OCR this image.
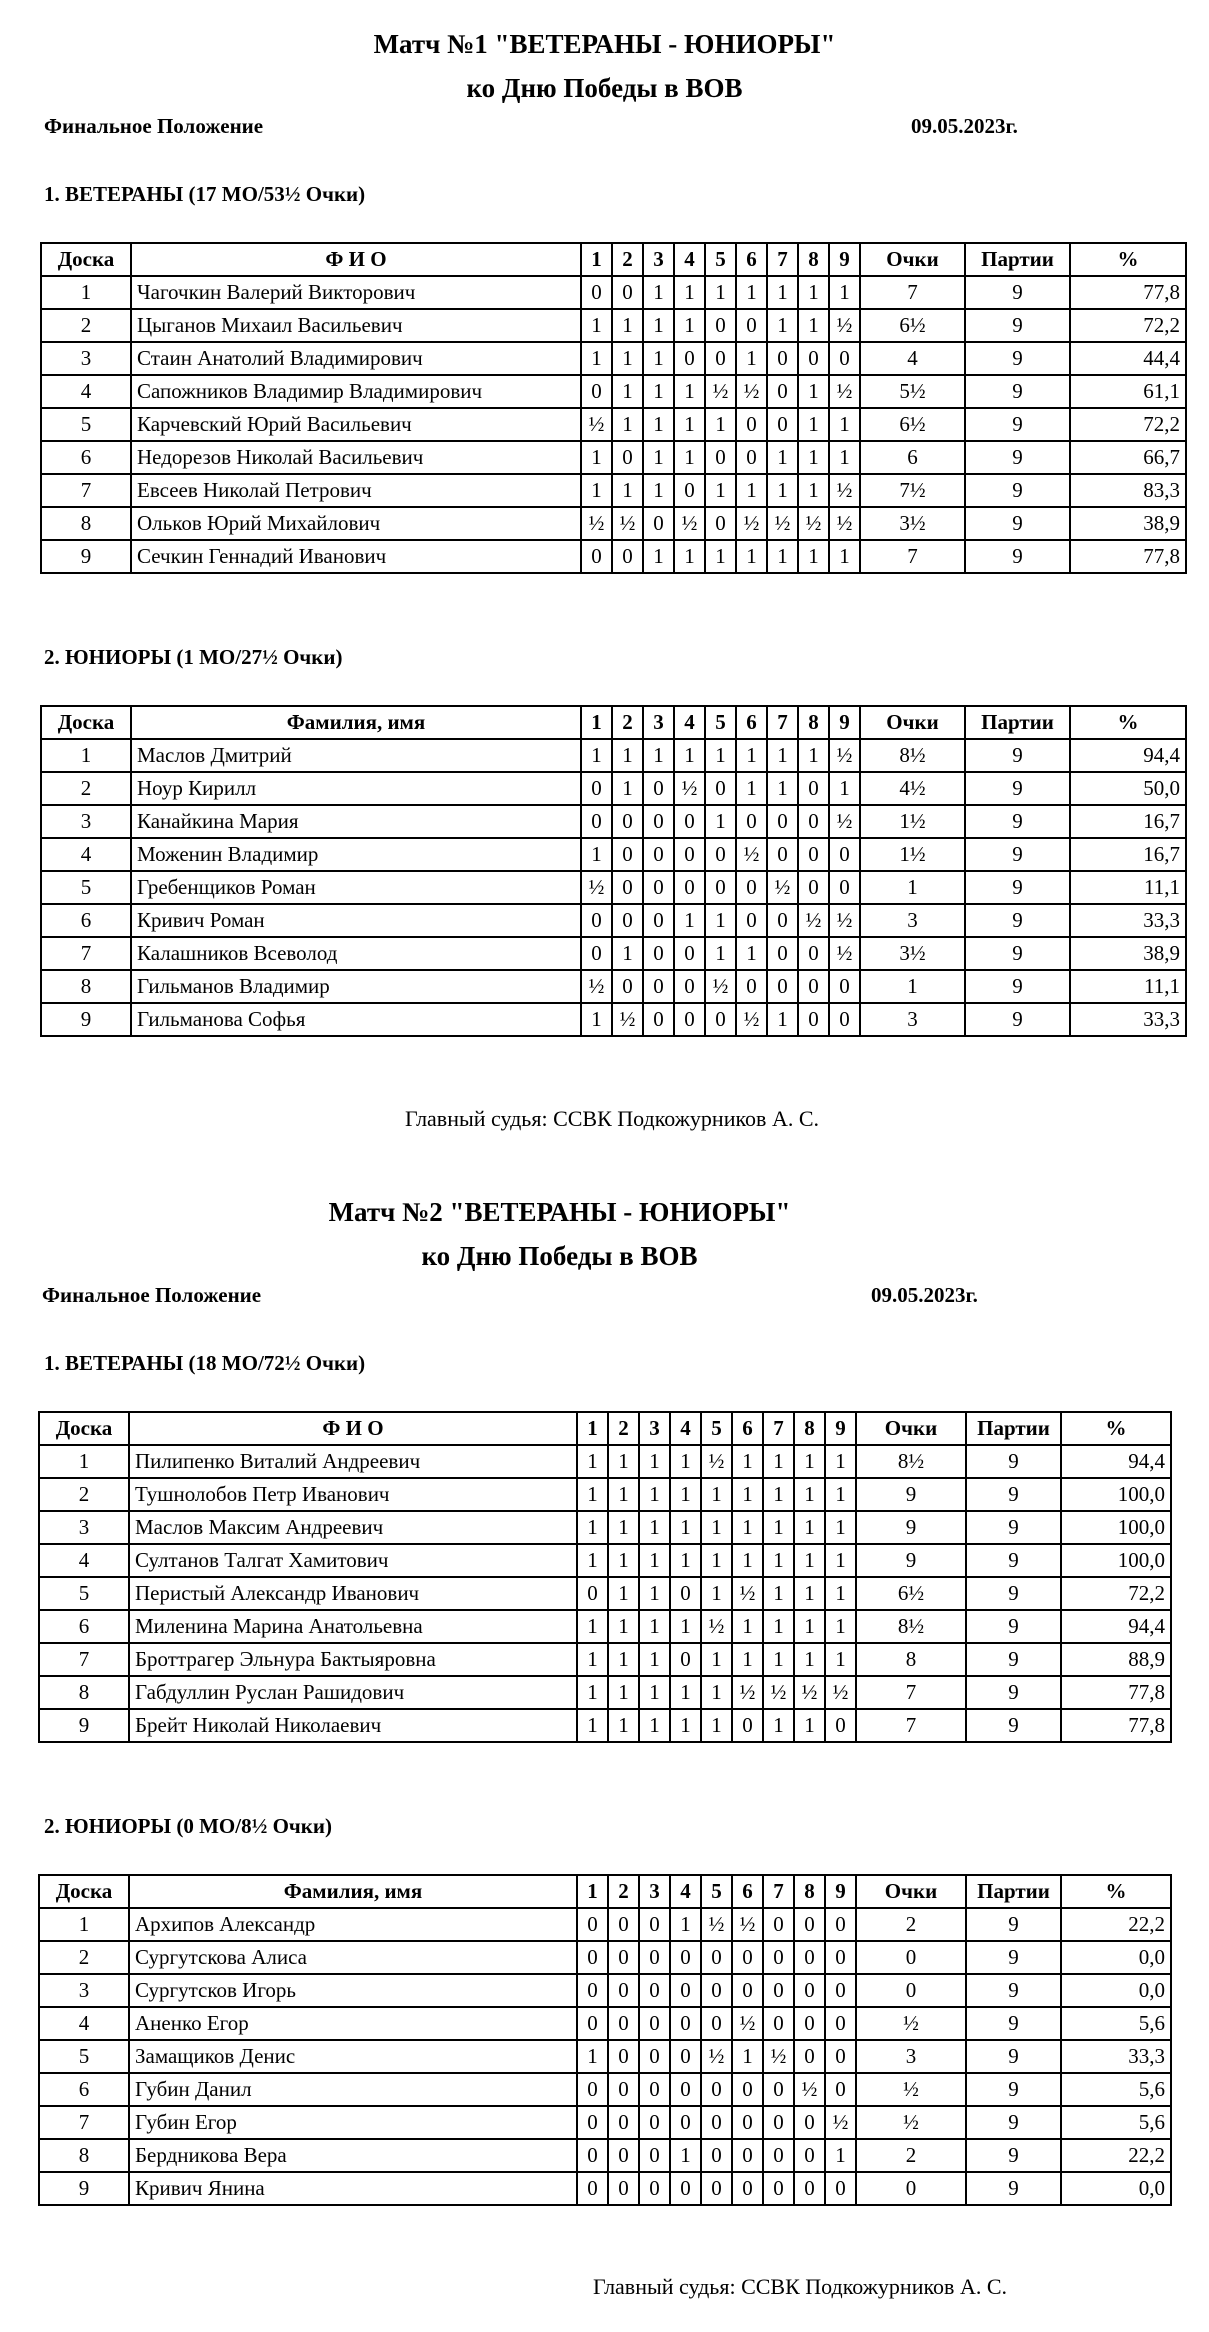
Матч №1 "ВЕТЕРАНЫ - ЮНИОРЫ"
ко Дню Победы в ВОВ
Финальное Положение	09.05.2023г.
1. ВЕТЕРАНЫ (17 МО/53½ Очки)
Доска	Ф И О	1	2	3	4	5	6	7	8	9	Очки	Партии	%
1	Чагочкин Валерий Викторович	0	0	1	1	1	1	1	1	1	7	9	77,8
2	Цыганов Михаил Васильевич	1	1	1	1	0	0	1	1	½	6½	9	72,2
3	Стаин Анатолий Владимирович	1	1	1	0	0	1	0	0	0	4	9	44,4
4	Сапожников Владимир Владимирович	0	1	1	1	½	½	0	1	½	5½	9	61,1
5	Карчевский Юрий Васильевич	½	1	1	1	1	0	0	1	1	6½	9	72,2
6	Недорезов Николай Васильевич	1	0	1	1	0	0	1	1	1	6	9	66,7
7	Евсеев Николай Петрович	1	1	1	0	1	1	1	1	½	7½	9	83,3
8	Ольков Юрий Михайлович	½	½	0	½	0	½	½	½	½	3½	9	38,9
9	Сечкин Геннадий Иванович	0	0	1	1	1	1	1	1	1	7	9	77,8
2. ЮНИОРЫ (1 МО/27½ Очки)
Доска	Фамилия, имя	1	2	3	4	5	6	7	8	9	Очки	Партии	%
1	Маслов Дмитрий	1	1	1	1	1	1	1	1	½	8½	9	94,4
2	Ноур Кирилл	0	1	0	½	0	1	1	0	1	4½	9	50,0
3	Канайкина Мария	0	0	0	0	1	0	0	0	½	1½	9	16,7
4	Моженин Владимир	1	0	0	0	0	½	0	0	0	1½	9	16,7
5	Гребенщиков Роман	½	0	0	0	0	0	½	0	0	1	9	11,1
6	Кривич Роман	0	0	0	1	1	0	0	½	½	3	9	33,3
7	Калашников Всеволод	0	1	0	0	1	1	0	0	½	3½	9	38,9
8	Гильманов Владимир	½	0	0	0	½	0	0	0	0	1	9	11,1
9	Гильманова Софья	1	½	0	0	0	½	1	0	0	3	9	33,3
Главный судья: ССВК Подкожурников А. С.
Матч №2 "ВЕТЕРАНЫ - ЮНИОРЫ"
ко Дню Победы в ВОВ
Финальное Положение	09.05.2023г.
1. ВЕТЕРАНЫ (18 МО/72½ Очки)
Доска	Ф И О	1	2	3	4	5	6	7	8	9	Очки	Партии	%
1	Пилипенко Виталий Андреевич	1	1	1	1	½	1	1	1	1	8½	9	94,4
2	Тушнолобов Петр Иванович	1	1	1	1	1	1	1	1	1	9	9	100,0
3	Маслов Максим Андреевич	1	1	1	1	1	1	1	1	1	9	9	100,0
4	Султанов Талгат Хамитович	1	1	1	1	1	1	1	1	1	9	9	100,0
5	Перистый Александр Иванович	0	1	1	0	1	½	1	1	1	6½	9	72,2
6	Миленина Марина Анатольевна	1	1	1	1	½	1	1	1	1	8½	9	94,4
7	Броттрагер Эльнура Бактыяровна	1	1	1	0	1	1	1	1	1	8	9	88,9
8	Габдуллин Руслан Рашидович	1	1	1	1	1	½	½	½	½	7	9	77,8
9	Брейт Николай Николаевич	1	1	1	1	1	0	1	1	0	7	9	77,8
2. ЮНИОРЫ (0 МО/8½ Очки)
Доска	Фамилия, имя	1	2	3	4	5	6	7	8	9	Очки	Партии	%
1	Архипов Александр	0	0	0	1	½	½	0	0	0	2	9	22,2
2	Сургутскова Алиса	0	0	0	0	0	0	0	0	0	0	9	0,0
3	Сургутсков Игорь	0	0	0	0	0	0	0	0	0	0	9	0,0
4	Аненко Егор	0	0	0	0	0	½	0	0	0	½	9	5,6
5	Замащиков Денис	1	0	0	0	½	1	½	0	0	3	9	33,3
6	Губин Данил	0	0	0	0	0	0	0	½	0	½	9	5,6
7	Губин Егор	0	0	0	0	0	0	0	0	½	½	9	5,6
8	Бердникова Вера	0	0	0	1	0	0	0	0	1	2	9	22,2
9	Кривич Янина	0	0	0	0	0	0	0	0	0	0	9	0,0
Главный судья: ССВК Подкожурников А. С.
